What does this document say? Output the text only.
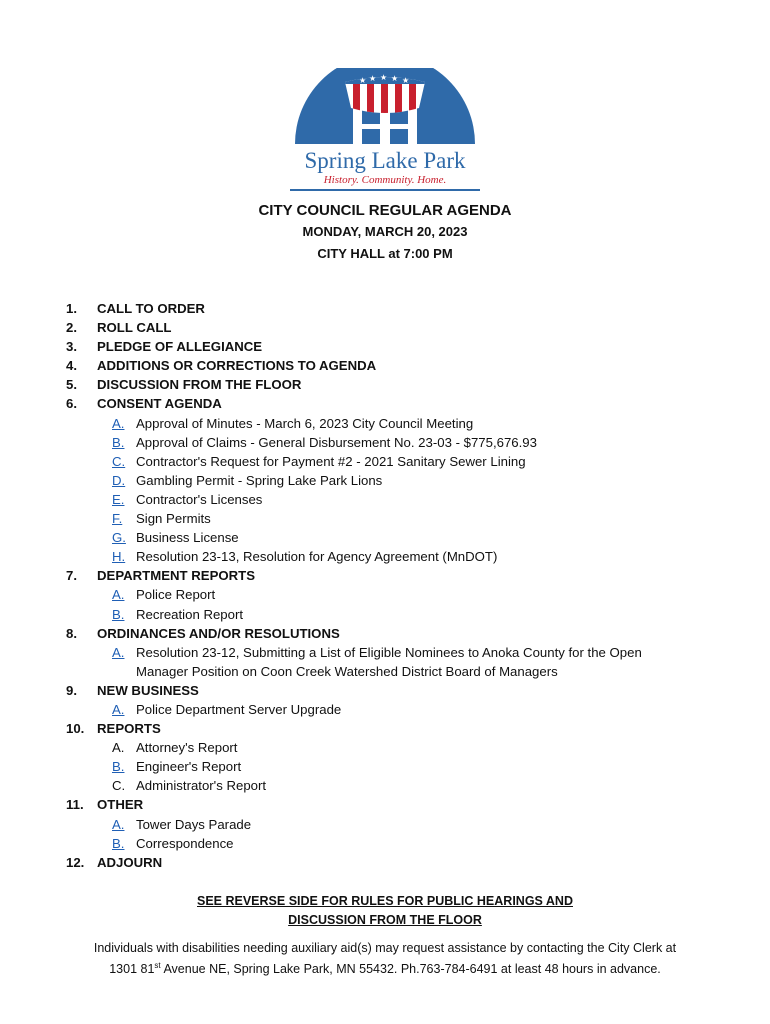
★ ★ ★ ★ ★
Spring Lake Park
History. Community. Home.
CITY COUNCIL REGULAR AGENDA
MONDAY, MARCH 20, 2023
CITY HALL at 7:00 PM
1. CALL TO ORDER
2. ROLL CALL
3. PLEDGE OF ALLEGIANCE
4. ADDITIONS OR CORRECTIONS TO AGENDA
5. DISCUSSION FROM THE FLOOR
6. CONSENT AGENDA
A. Approval of Minutes - March 6, 2023 City Council Meeting
B. Approval of Claims - General Disbursement No. 23-03 - $775,676.93
C. Contractor's Request for Payment #2 - 2021 Sanitary Sewer Lining
D. Gambling Permit - Spring Lake Park Lions
E. Contractor's Licenses
F. Sign Permits
G. Business License
H. Resolution 23-13, Resolution for Agency Agreement (MnDOT)
7. DEPARTMENT REPORTS
A. Police Report
B. Recreation Report
8. ORDINANCES AND/OR RESOLUTIONS
A. Resolution 23-12, Submitting a List of Eligible Nominees to Anoka County for the Open
Manager Position on Coon Creek Watershed District Board of Managers
9. NEW BUSINESS
A. Police Department Server Upgrade
10. REPORTS
A. Attorney's Report
B. Engineer's Report
C. Administrator's Report
11. OTHER
A. Tower Days Parade
B. Correspondence
12. ADJOURN
SEE REVERSE SIDE FOR RULES FOR PUBLIC HEARINGS AND
DISCUSSION FROM THE FLOOR
Individuals with disabilities needing auxiliary aid(s) may request assistance by contacting the City Clerk at
1301 81st Avenue NE, Spring Lake Park, MN 55432. Ph.763-784-6491 at least 48 hours in advance.
